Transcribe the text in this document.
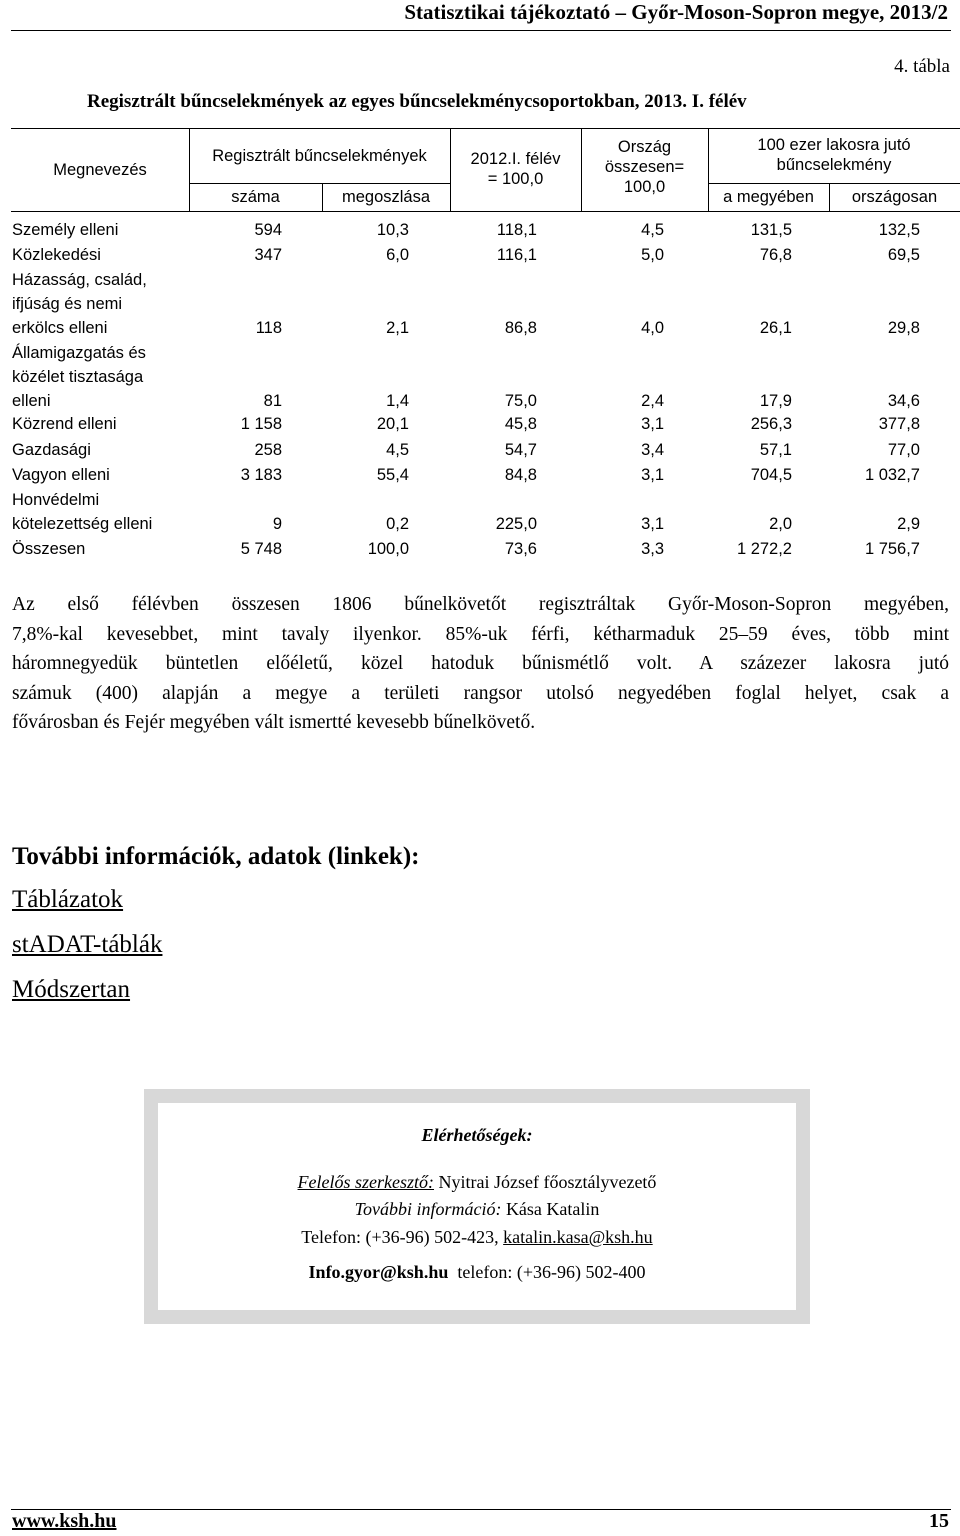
Statisztikai tájékoztató – Győr-Moson-Sopron megye, 2013/2
4. tábla
Regisztrált bűncselekmények az egyes bűncselekménycsoportokban, 2013. I. félév
Megnevezés
Regisztrált bűncselekmények
száma	megoszlása
2012.I. félév
= 100,0
Ország
összesen=
100,0
100 ezer lakosra jutó
bűncselekmény
a megyében	országosan
Személy elleni	594	10,3	118,1	4,5	131,5	132,5
Közlekedési	347	6,0	116,1	5,0	76,8	69,5
Házasság, család,
ifjúság és nemi
erkölcs elleni	118	2,1	86,8	4,0	26,1	29,8
Államigazgatás és
közélet tisztasága
elleni	81	1,4	75,0	2,4	17,9	34,6
Közrend elleni	1 158	20,1	45,8	3,1	256,3	377,8
Gazdasági	258	4,5	54,7	3,4	57,1	77,0
Vagyon elleni	3 183	55,4	84,8	3,1	704,5	1 032,7
Honvédelmi
kötelezettség elleni	9	0,2	225,0	3,1	2,0	2,9
Összesen	5 748	100,0	73,6	3,3	1 272,2	1 756,7
Az első félévben összesen 1806 bűnelkövetőt regisztráltak Győr-Moson-Sopron megyében,
7,8%-kal kevesebbet, mint tavaly ilyenkor. 85%-uk férfi, kétharmaduk 25–59 éves, több mint
háromnegyedük büntetlen előéletű, közel hatoduk bűnismétlő volt. A százezer lakosra jutó
számuk (400) alapján a megye a területi rangsor utolsó negyedében foglal helyet, csak a
fővárosban és Fejér megyében vált ismertté kevesebb bűnelkövető.
További információk, adatok (linkek):
Táblázatok
stADAT-táblák
Módszertan
Elérhetőségek:
Felelős szerkesztő: Nyitrai József főosztályvezető
További információ: Kása Katalin
Telefon: (+36-96) 502-423, katalin.kasa@ksh.hu
Info.gyor@ksh.hu  telefon: (+36-96) 502-400
www.ksh.hu	15
